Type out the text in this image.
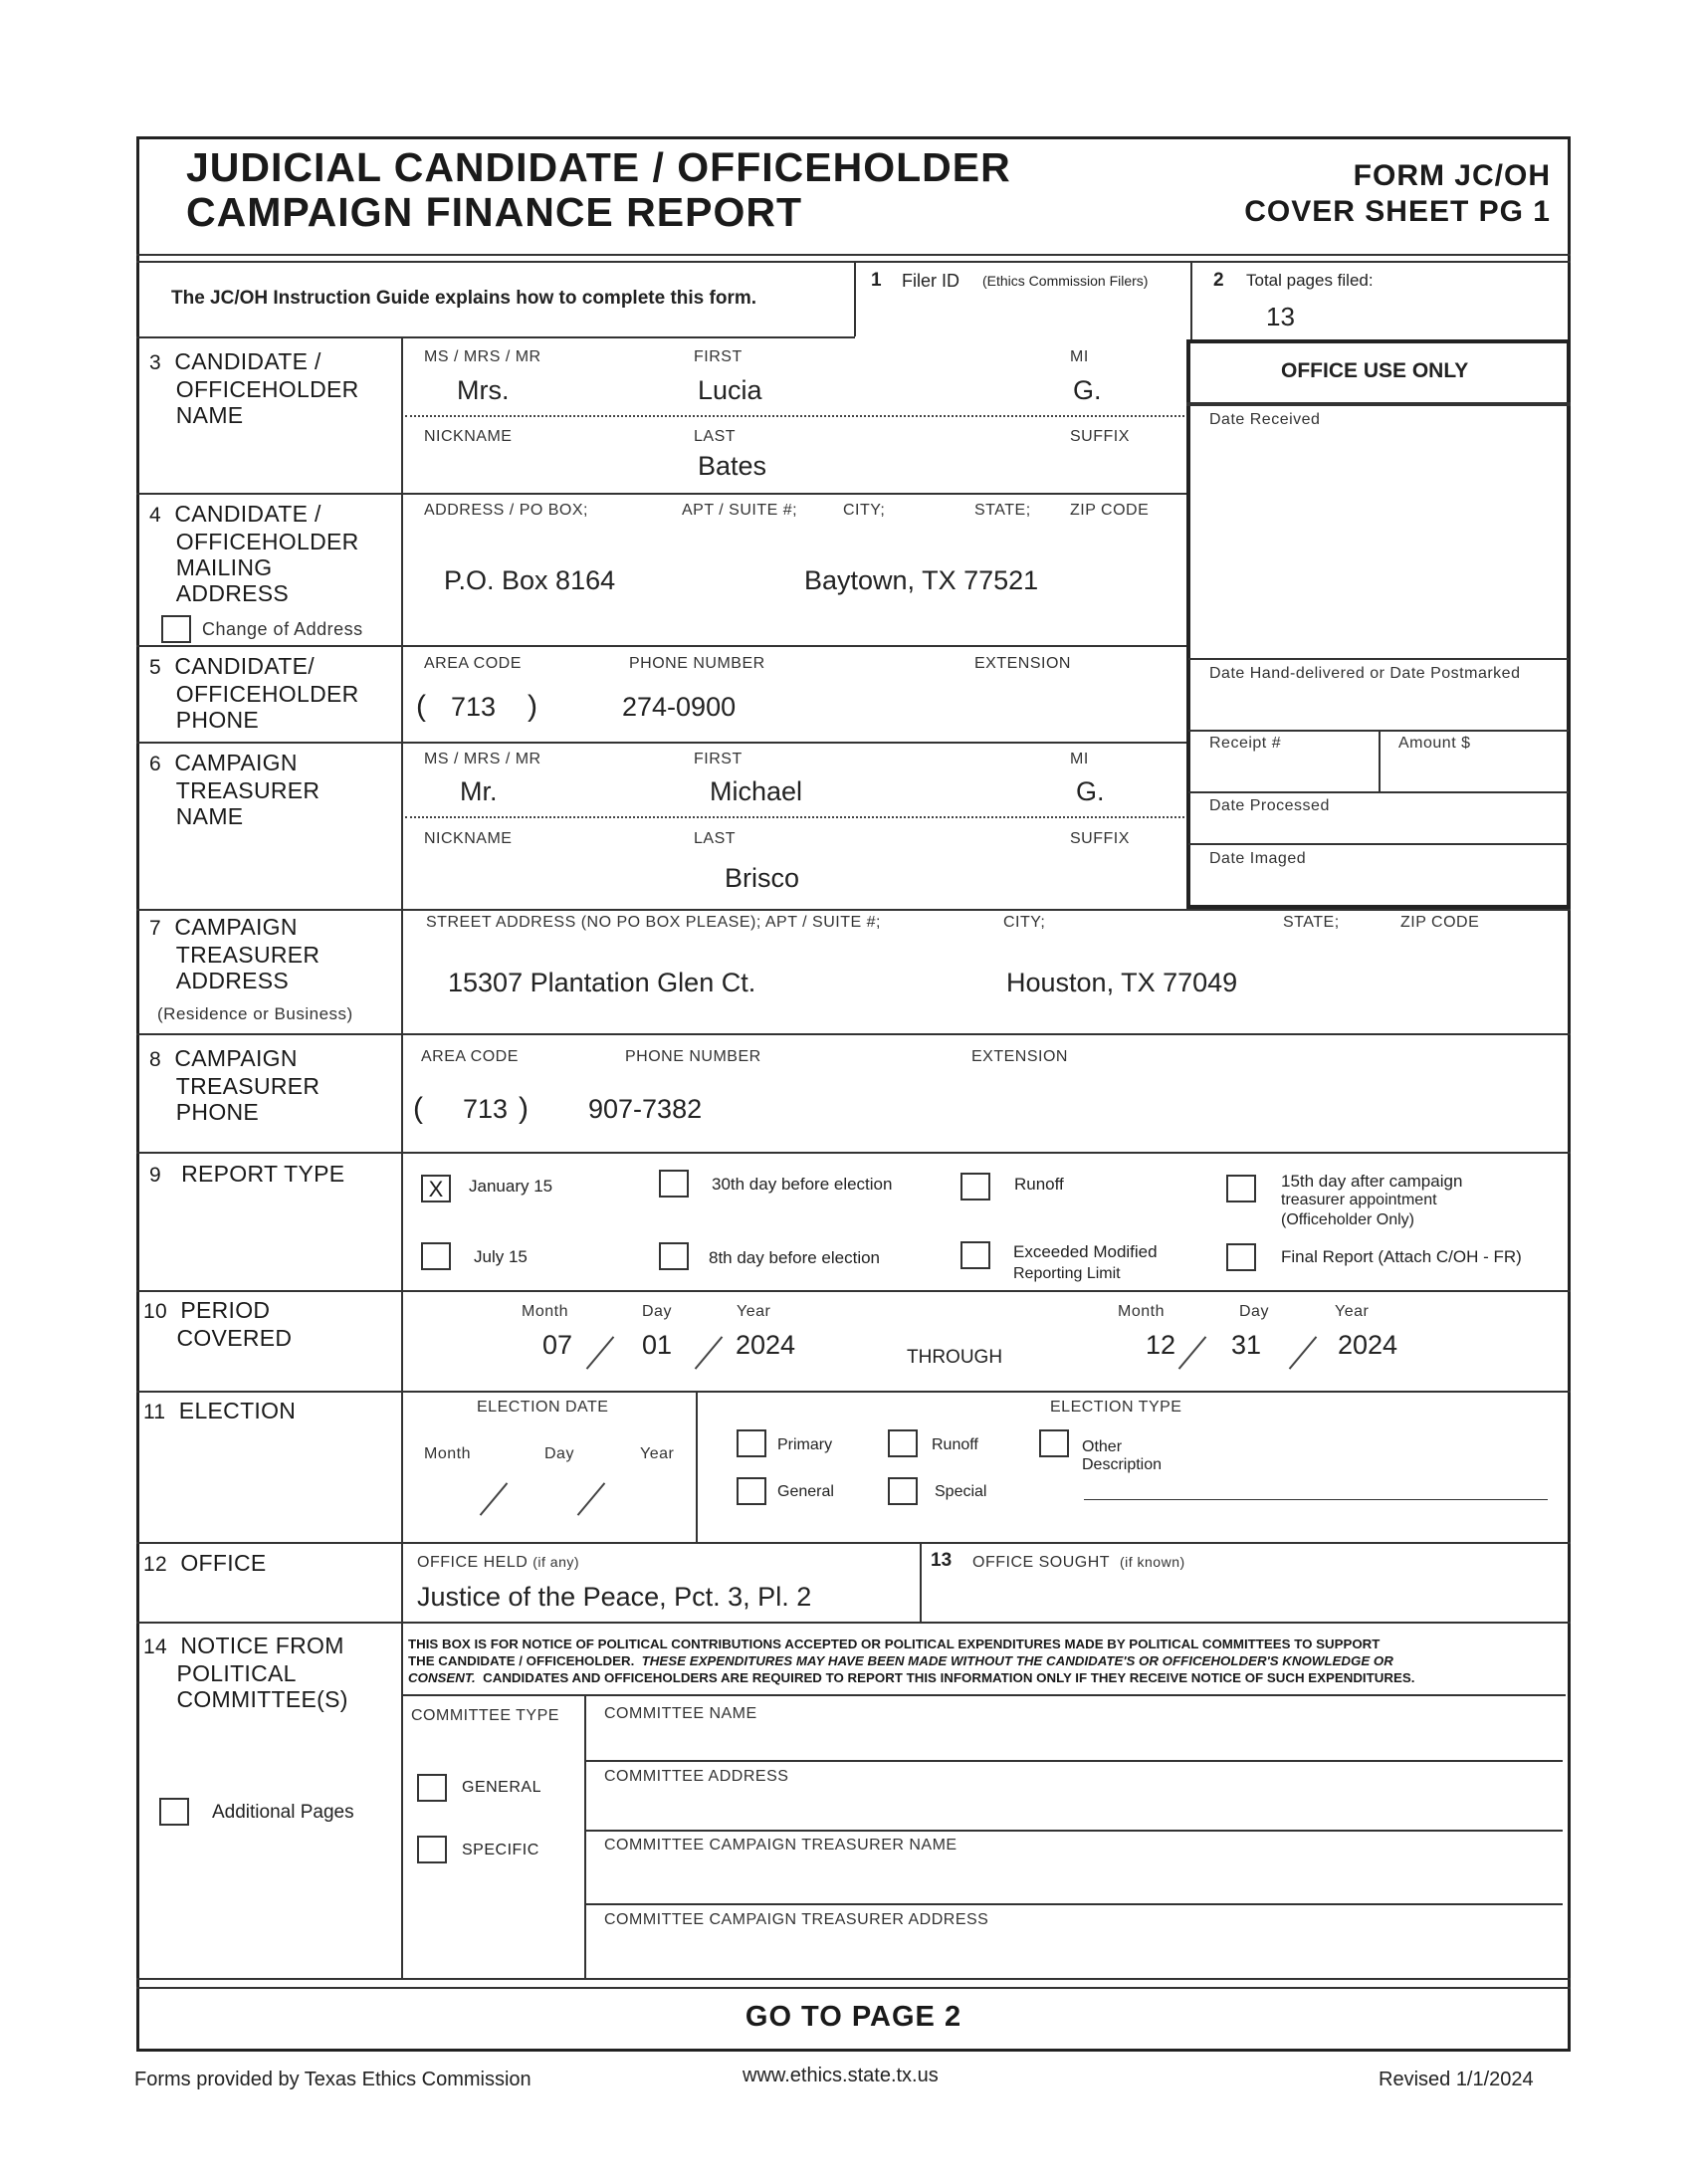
JUDICIAL CANDIDATE / OFFICEHOLDER
CAMPAIGN FINANCE REPORT
FORM JC/OH
COVER SHEET PG 1
The JC/OH Instruction Guide explains how to complete this form.
1 Filer ID (Ethics Commission Filers)	2 Total pages filed:
13
OFFICE USE ONLY
Date Received
Date Hand-delivered or Date Postmarked
Receipt #	Amount $
Date Processed
Date Imaged
3 CANDIDATE /
OFFICEHOLDER
NAME
MS / MRS / MR	FIRST	MI
Mrs.	Lucia	G.
NICKNAME	LAST	SUFFIX
Bates
4 CANDIDATE /
OFFICEHOLDER
MAILING
ADDRESS
Change of Address
ADDRESS / PO BOX;	APT / SUITE #;	CITY;	STATE; ZIP CODE
P.O. Box 8164	Baytown, TX 77521
5 CANDIDATE/
OFFICEHOLDER
PHONE
AREA CODE	PHONE NUMBER	EXTENSION
( 713 )	274-0900
6 CAMPAIGN
TREASURER
NAME
MS / MRS / MR	FIRST	MI
Mr.	Michael	G.
NICKNAME	LAST	SUFFIX
Brisco
7 CAMPAIGN
TREASURER
ADDRESS
(Residence or Business)
STREET ADDRESS (NO PO BOX PLEASE); APT / SUITE #;	CITY;	STATE;	ZIP CODE
15307 Plantation Glen Ct.	Houston, TX 77049
8 CAMPAIGN
TREASURER
PHONE
AREA CODE	PHONE NUMBER	EXTENSION
( 713 ) 907-7382
9 REPORT TYPE
X	January 15	30th day before election	Runoff	15th day after campaign
treasurer appointment
(Officeholder Only)
July 15	8th day before election	Exceeded Modified
Reporting Limit
Final Report (Attach C/OH - FR)
10 PERIOD
COVERED
Month	Day	Year
07	01 2024	THROUGH
Month	Day	Year
12 31	2024
11 ELECTION	ELECTION DATE	ELECTION TYPE
Month	Day	Year
Primary	Runoff	Other
Description
General	Special
12 OFFICE	OFFICE HELD (if any)
Justice of the Peace, Pct. 3, Pl. 2
13 OFFICE SOUGHT (if known)
14 NOTICE FROM
POLITICAL
COMMITTEE(S)
Additional Pages
THIS BOX IS FOR NOTICE OF POLITICAL CONTRIBUTIONS ACCEPTED OR POLITICAL EXPENDITURES MADE BY POLITICAL COMMITTEES TO SUPPORT
THE CANDIDATE / OFFICEHOLDER. THESE EXPENDITURES MAY HAVE BEEN MADE WITHOUT THE CANDIDATE'S OR OFFICEHOLDER'S KNOWLEDGE OR
CONSENT. CANDIDATES AND OFFICEHOLDERS ARE REQUIRED TO REPORT THIS INFORMATION ONLY IF THEY RECEIVE NOTICE OF SUCH EXPENDITURES.
COMMITTEE TYPE
GENERAL
SPECIFIC
COMMITTEE NAME
COMMITTEE ADDRESS
COMMITTEE CAMPAIGN TREASURER NAME
COMMITTEE CAMPAIGN TREASURER ADDRESS
GO TO PAGE 2
Forms provided by Texas Ethics Commission	www.ethics.state.tx.us	Revised 1/1/2024
